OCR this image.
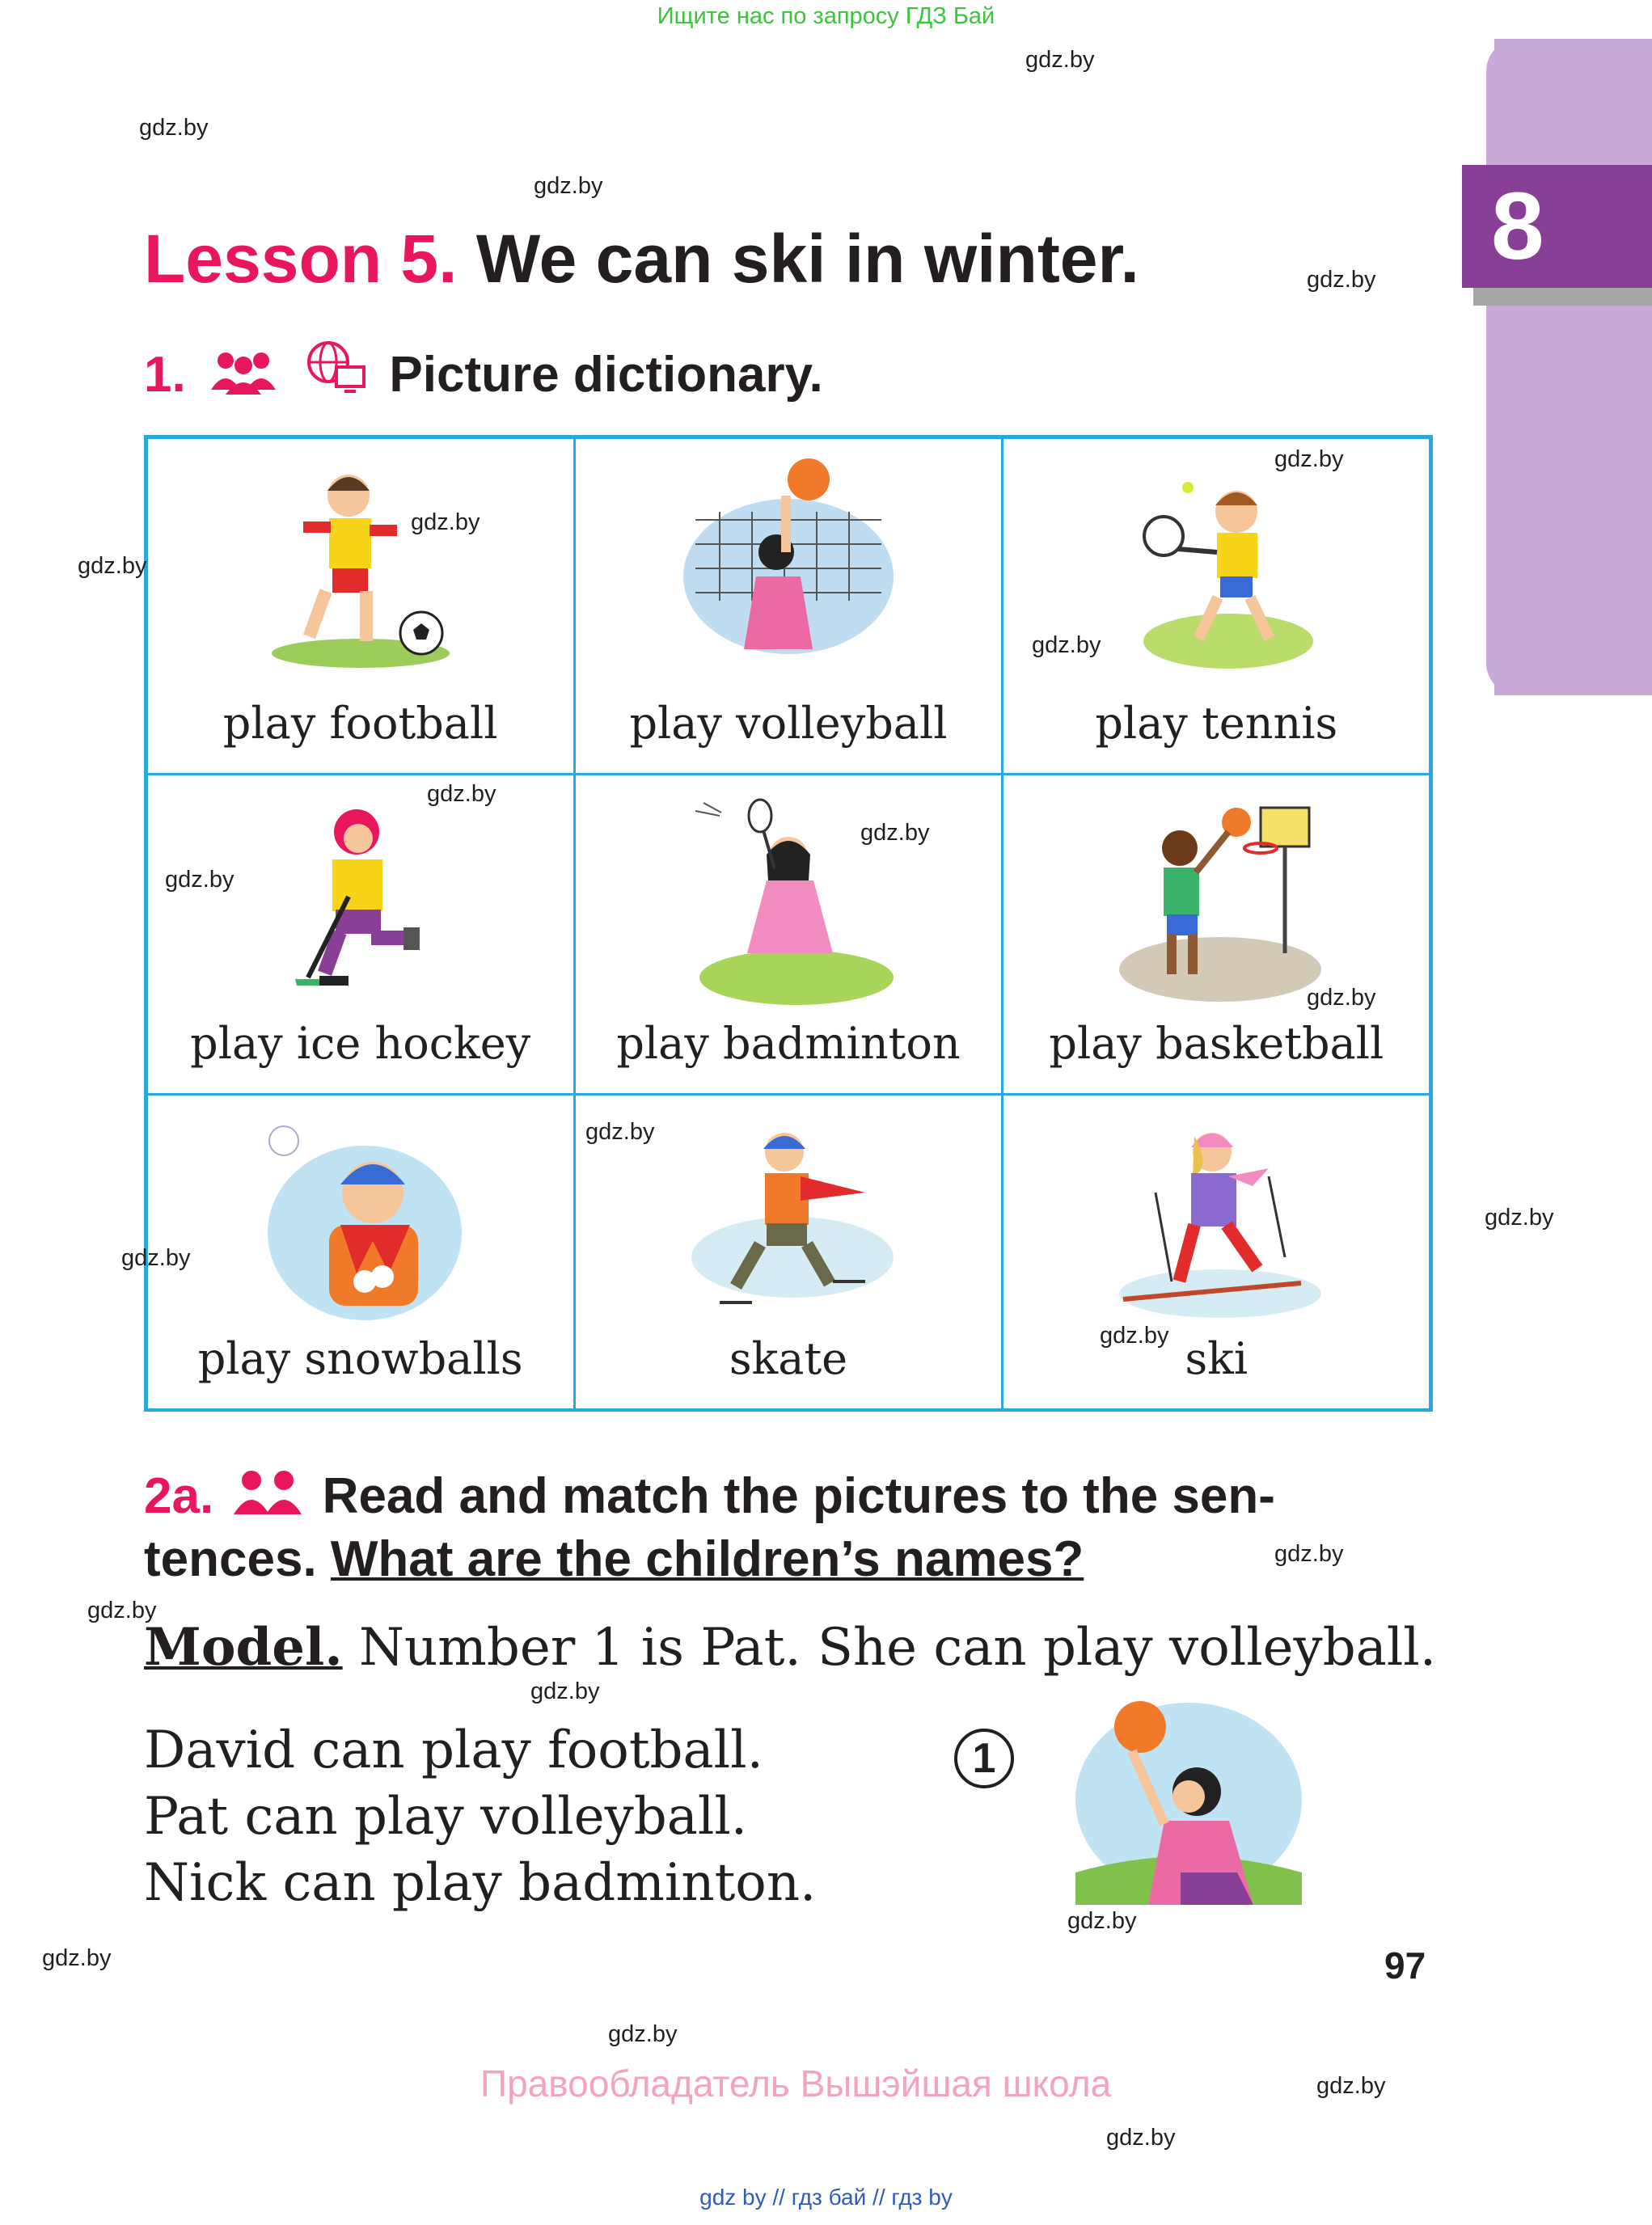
Ищите нас по запросу ГДЗ Бай
8
Lesson 5. We can ski in winter.
1.	Picture dictionary.
play football	play volleyball	play tennis
play ice hockey	play badminton	play basketball
play snowballs	skate	ski
2a. Read and match the pictures to the sen-
tences. What are the children’s names?
Model. Number 1 is Pat. She can play volleyball.
David can play football.
Pat can play volleyball.
Nick can play badminton.
1
97
Правообладатель Вышэйшая школа
gdz by // гдз бай // гдз by
gdz.by
gdz.by
gdz.by
gdz.by
gdz.by
gdz.by
gdz.by
gdz.by
gdz.by
gdz.by
gdz.by
gdz.by
gdz.by
gdz.by
gdz.by
gdz.by
gdz.by
gdz.by
gdz.by
gdz.by
gdz.by
gdz.by
gdz.by
gdz.by
